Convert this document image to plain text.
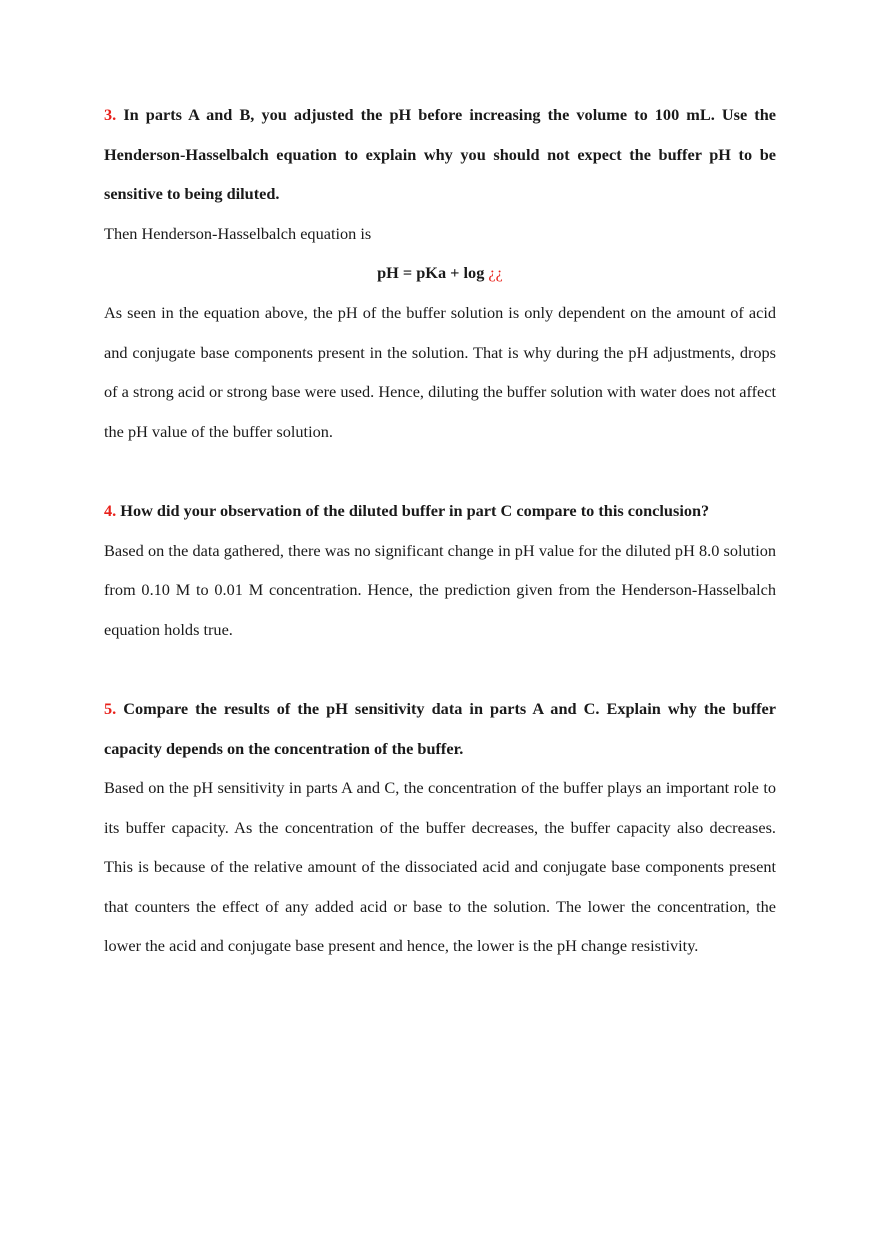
3. In parts A and B, you adjusted the pH before increasing the volume to 100 mL. Use the Henderson-Hasselbalch equation to explain why you should not expect the buffer pH to be sensitive to being diluted.
Then Henderson-Hasselbalch equation is
pH = pKa + log ¿¿
As seen in the equation above, the pH of the buffer solution is only dependent on the amount of acid and conjugate base components present in the solution. That is why during the pH adjustments, drops of a strong acid or strong base were used. Hence, diluting the buffer solution with water does not affect the pH value of the buffer solution.
4. How did your observation of the diluted buffer in part C compare to this conclusion?
Based on the data gathered, there was no significant change in pH value for the diluted pH 8.0 solution from 0.10 M to 0.01 M concentration. Hence, the prediction given from the Henderson-Hasselbalch equation holds true.
5. Compare the results of the pH sensitivity data in parts A and C. Explain why the buffer capacity depends on the concentration of the buffer.
Based on the pH sensitivity in parts A and C, the concentration of the buffer plays an important role to its buffer capacity. As the concentration of the buffer decreases, the buffer capacity also decreases. This is because of the relative amount of the dissociated acid and conjugate base components present that counters the effect of any added acid or base to the solution. The lower the concentration, the lower the acid and conjugate base present and hence, the lower is the pH change resistivity.
